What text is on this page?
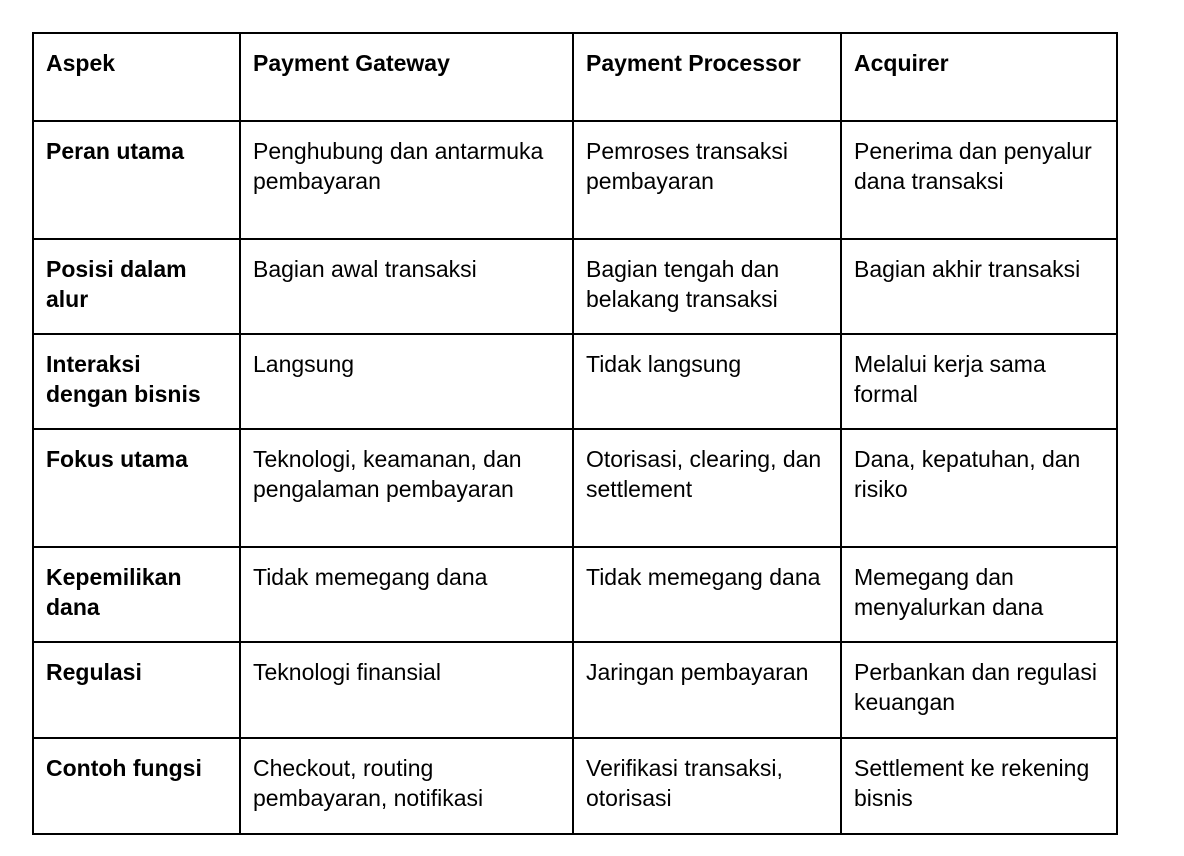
Aspek	Payment Gateway	Payment Processor	Acquirer
Peran utama	Penghubung dan antarmuka pembayaran	Pemroses transaksi pembayaran	Penerima dan penyalur dana transaksi
Posisi dalam alur	Bagian awal transaksi	Bagian tengah dan belakang transaksi	Bagian akhir transaksi
Interaksi dengan bisnis	Langsung	Tidak langsung	Melalui kerja sama formal
Fokus utama	Teknologi, keamanan, dan pengalaman pembayaran	Otorisasi, clearing, dan settlement	Dana, kepatuhan, dan risiko
Kepemilikan dana	Tidak memegang dana	Tidak memegang dana	Memegang dan menyalurkan dana
Regulasi	Teknologi finansial	Jaringan pembayaran	Perbankan dan regulasi keuangan
Contoh fungsi	Checkout, routing pembayaran, notifikasi	Verifikasi transaksi, otorisasi	Settlement ke rekening bisnis
